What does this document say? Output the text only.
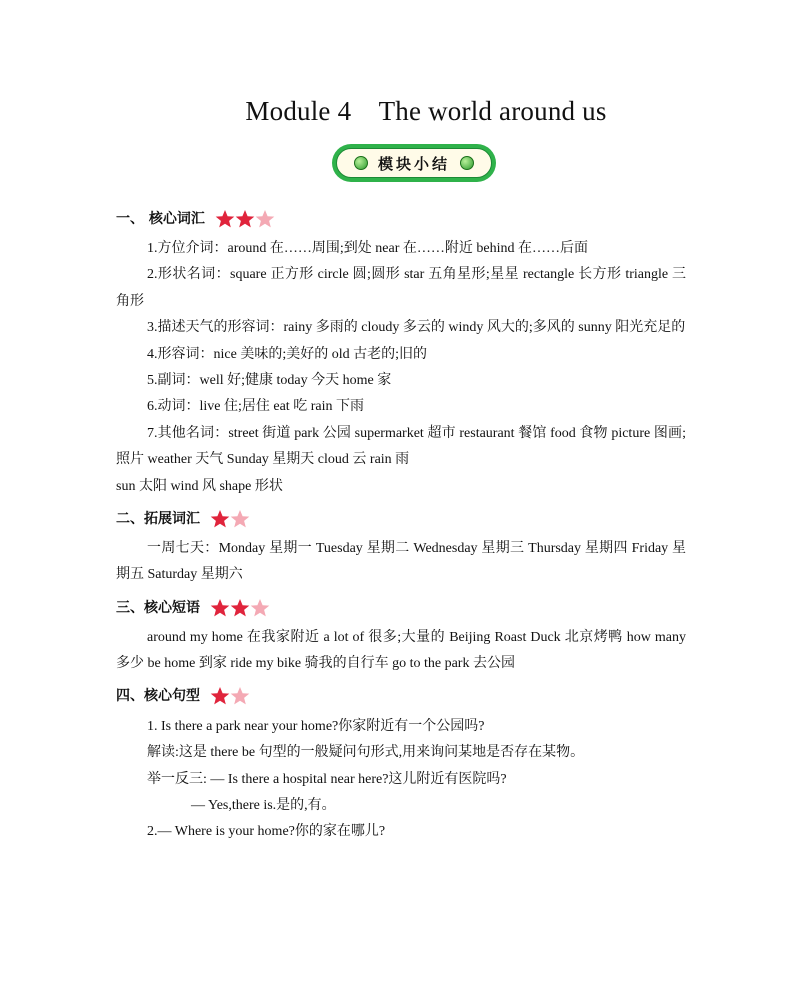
Module 4    The world around us
模块小结
一、 核心词汇
1.方位介词：around 在……周围;到处 near 在……附近 behind 在……后面
2.形状名词：square 正方形 circle 圆;圆形 star 五角星形;星星 rectangle 长方形 triangle 三角形
3.描述天气的形容词：rainy 多雨的 cloudy 多云的 windy 风大的;多风的 sunny 阳光充足的
4.形容词：nice 美味的;美好的 old 古老的;旧的
5.副词：well 好;健康 today 今天 home 家
6.动词：live 住;居住 eat 吃 rain 下雨
7.其他名词：street 街道 park 公园 supermarket 超市 restaurant 餐馆 food 食物 picture 图画;照片 weather 天气 Sunday 星期天 cloud 云 rain 雨
sun 太阳 wind 风 shape 形状
二、拓展词汇
一周七天：Monday 星期一 Tuesday 星期二 Wednesday 星期三 Thursday 星期四 Friday 星期五 Saturday 星期六
三、核心短语
around my home 在我家附近 a lot of 很多;大量的 Beijing Roast Duck 北京烤鸭 how many 多少 be home 到家 ride my bike 骑我的自行车 go to the park 去公园
四、核心句型
1. Is there a park near your home?你家附近有一个公园吗?
解读:这是 there be 句型的一般疑问句形式,用来询问某地是否存在某物。
举一反三: — Is there a hospital near here?这儿附近有医院吗?
— Yes,there is.是的,有。
2.— Where is your home?你的家在哪儿?
